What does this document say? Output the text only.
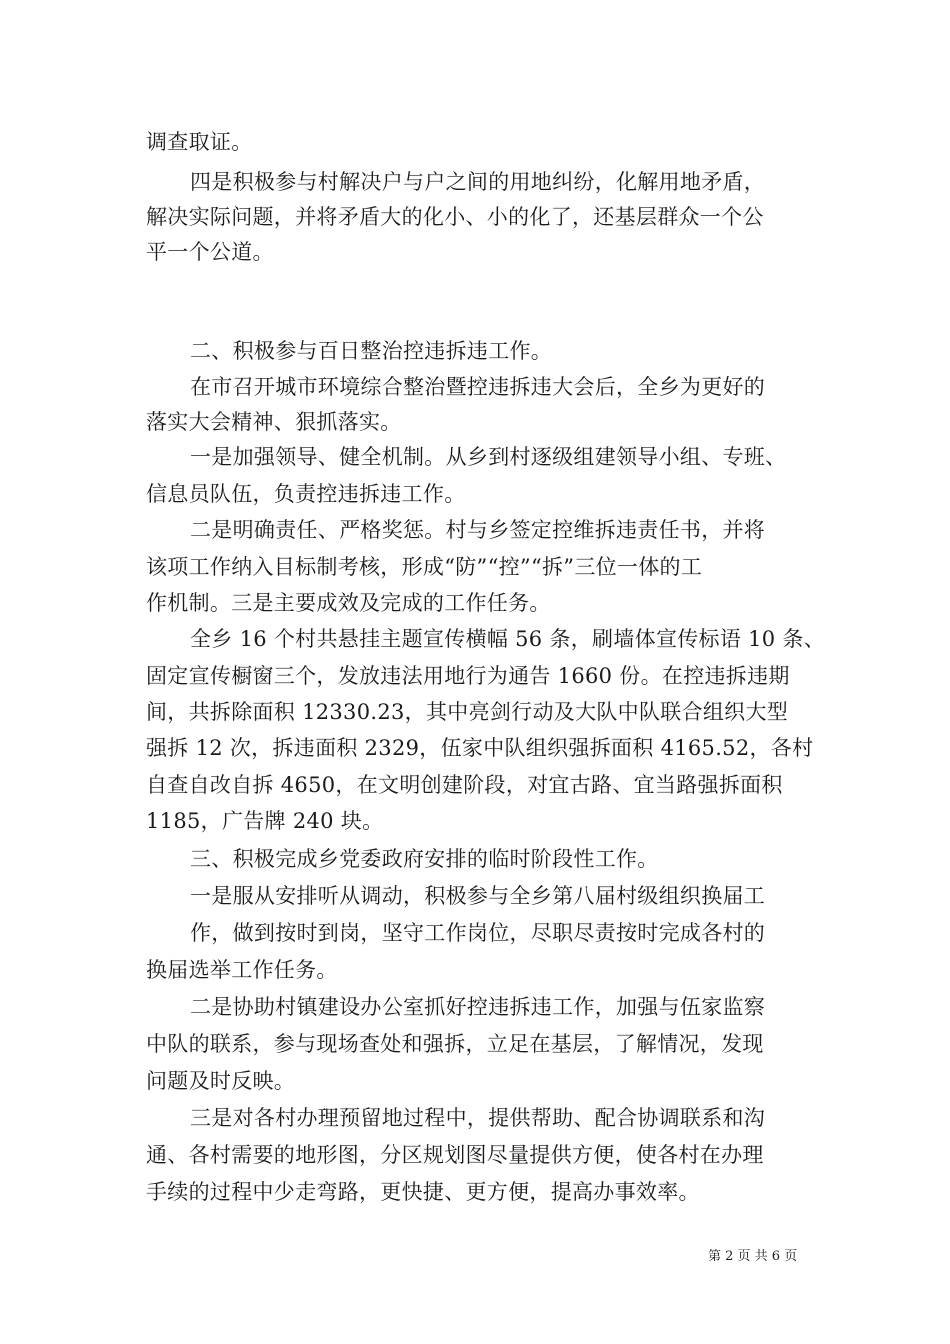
调查取证。
四是积极参与村解决户与户之间的用地纠纷，化解用地矛盾，
解决实际问题，并将矛盾大的化小、小的化了，还基层群众一个公
平一个公道。
二、积极参与百日整治控违拆违工作。
在市召开城市环境综合整治暨控违拆违大会后，全乡为更好的
落实大会精神、狠抓落实。
一是加强领导、健全机制。从乡到村逐级组建领导小组、专班、
信息员队伍，负责控违拆违工作。
二是明确责任、严格奖惩。村与乡签定控维拆违责任书，并将
该项工作纳入目标制考核，形成“防”“控”“拆”三位一体的工
作机制。三是主要成效及完成的工作任务。
全乡 16 个村共悬挂主题宣传横幅 56 条，刷墙体宣传标语 10 条、
固定宣传橱窗三个，发放违法用地行为通告 1660 份。在控违拆违期
间，共拆除面积 12330.23，其中亮剑行动及大队中队联合组织大型
强拆 12 次，拆违面积 2329，伍家中队组织强拆面积 4165.52，各村
自查自改自拆 4650，在文明创建阶段，对宜古路、宜当路强拆面积
1185，广告牌 240 块。
三、积极完成乡党委政府安排的临时阶段性工作。
一是服从安排听从调动，积极参与全乡第八届村级组织换届工
作，做到按时到岗，坚守工作岗位，尽职尽责按时完成各村的
换届选举工作任务。
二是协助村镇建设办公室抓好控违拆违工作，加强与伍家监察
中队的联系，参与现场查处和强拆，立足在基层，了解情况，发现
问题及时反映。
三是对各村办理预留地过程中，提供帮助、配合协调联系和沟
通、各村需要的地形图，分区规划图尽量提供方便，使各村在办理
手续的过程中少走弯路，更快捷、更方便，提高办事效率。
第 2 页 共 6 页
